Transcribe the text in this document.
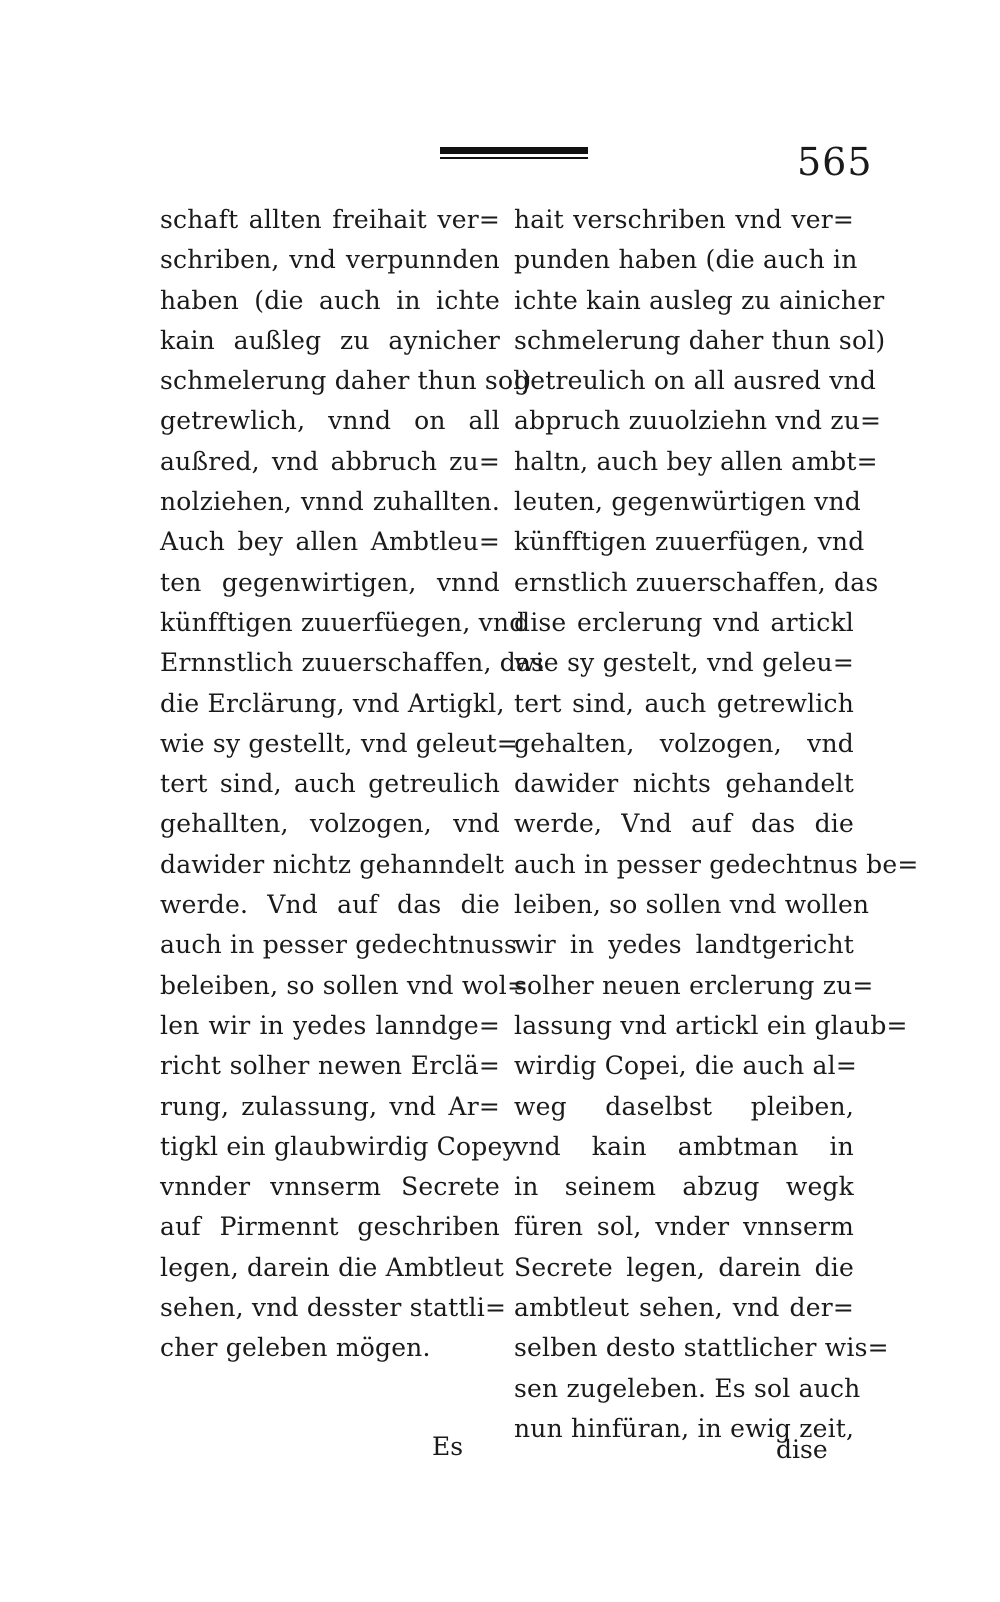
565
schaft allten freihait ver=
schriben, vnd verpunnden
haben (die auch in ichte
kain außleg zu aynicher
schmelerung daher thun sol)
getrewlich, vnnd on all
außred, vnd abbruch zu=
nolziehen, vnnd zuhallten.
Auch bey allen Ambtleu=
ten gegenwirtigen, vnnd
künfftigen zuuerfüegen, vnd
Ernnstlich zuuerschaffen, das
die Erclärung, vnd Artigkl,
wie sy gestellt, vnd geleut=
tert sind, auch getreulich
gehallten, volzogen, vnd
dawider nichtz gehanndelt
werde. Vnd auf das die
auch in pesser gedechtnuss
beleiben, so sollen vnd wol=
len wir in yedes lanndge=
richt solher newen Erclä=
rung, zulassung, vnd Ar=
tigkl ein glaubwirdig Copey
vnnder vnnserm Secrete
auf Pirmennt geschriben
legen, darein die Ambtleut
sehen, vnd desster stattli=
cher geleben mögen.
hait verschriben vnd ver=
punden haben (die auch in
ichte kain ausleg zu ainicher
schmelerung daher thun sol)
getreulich on all ausred vnd
abpruch zuuolziehn vnd zu=
haltn, auch bey allen ambt=
leuten, gegenwürtigen vnd
künfftigen zuuerfügen, vnd
ernstlich zuuerschaffen, das
dise erclerung vnd artickl
wie sy gestelt, vnd geleu=
tert sind, auch getrewlich
gehalten, volzogen, vnd
dawider nichts gehandelt
werde, Vnd auf das die
auch in pesser gedechtnus be=
leiben, so sollen vnd wollen
wir in yedes landtgericht
solher neuen erclerung zu=
lassung vnd artickl ein glaub=
wirdig Copei, die auch al=
weg daselbst pleiben,
vnd kain ambtman in
in seinem abzug wegk
füren sol, vnder vnnserm
Secrete legen, darein die
ambtleut sehen, vnd der=
selben desto stattlicher wis=
sen zugeleben. Es sol auch
nun hinfüran, in ewig zeit,
Es	dise
